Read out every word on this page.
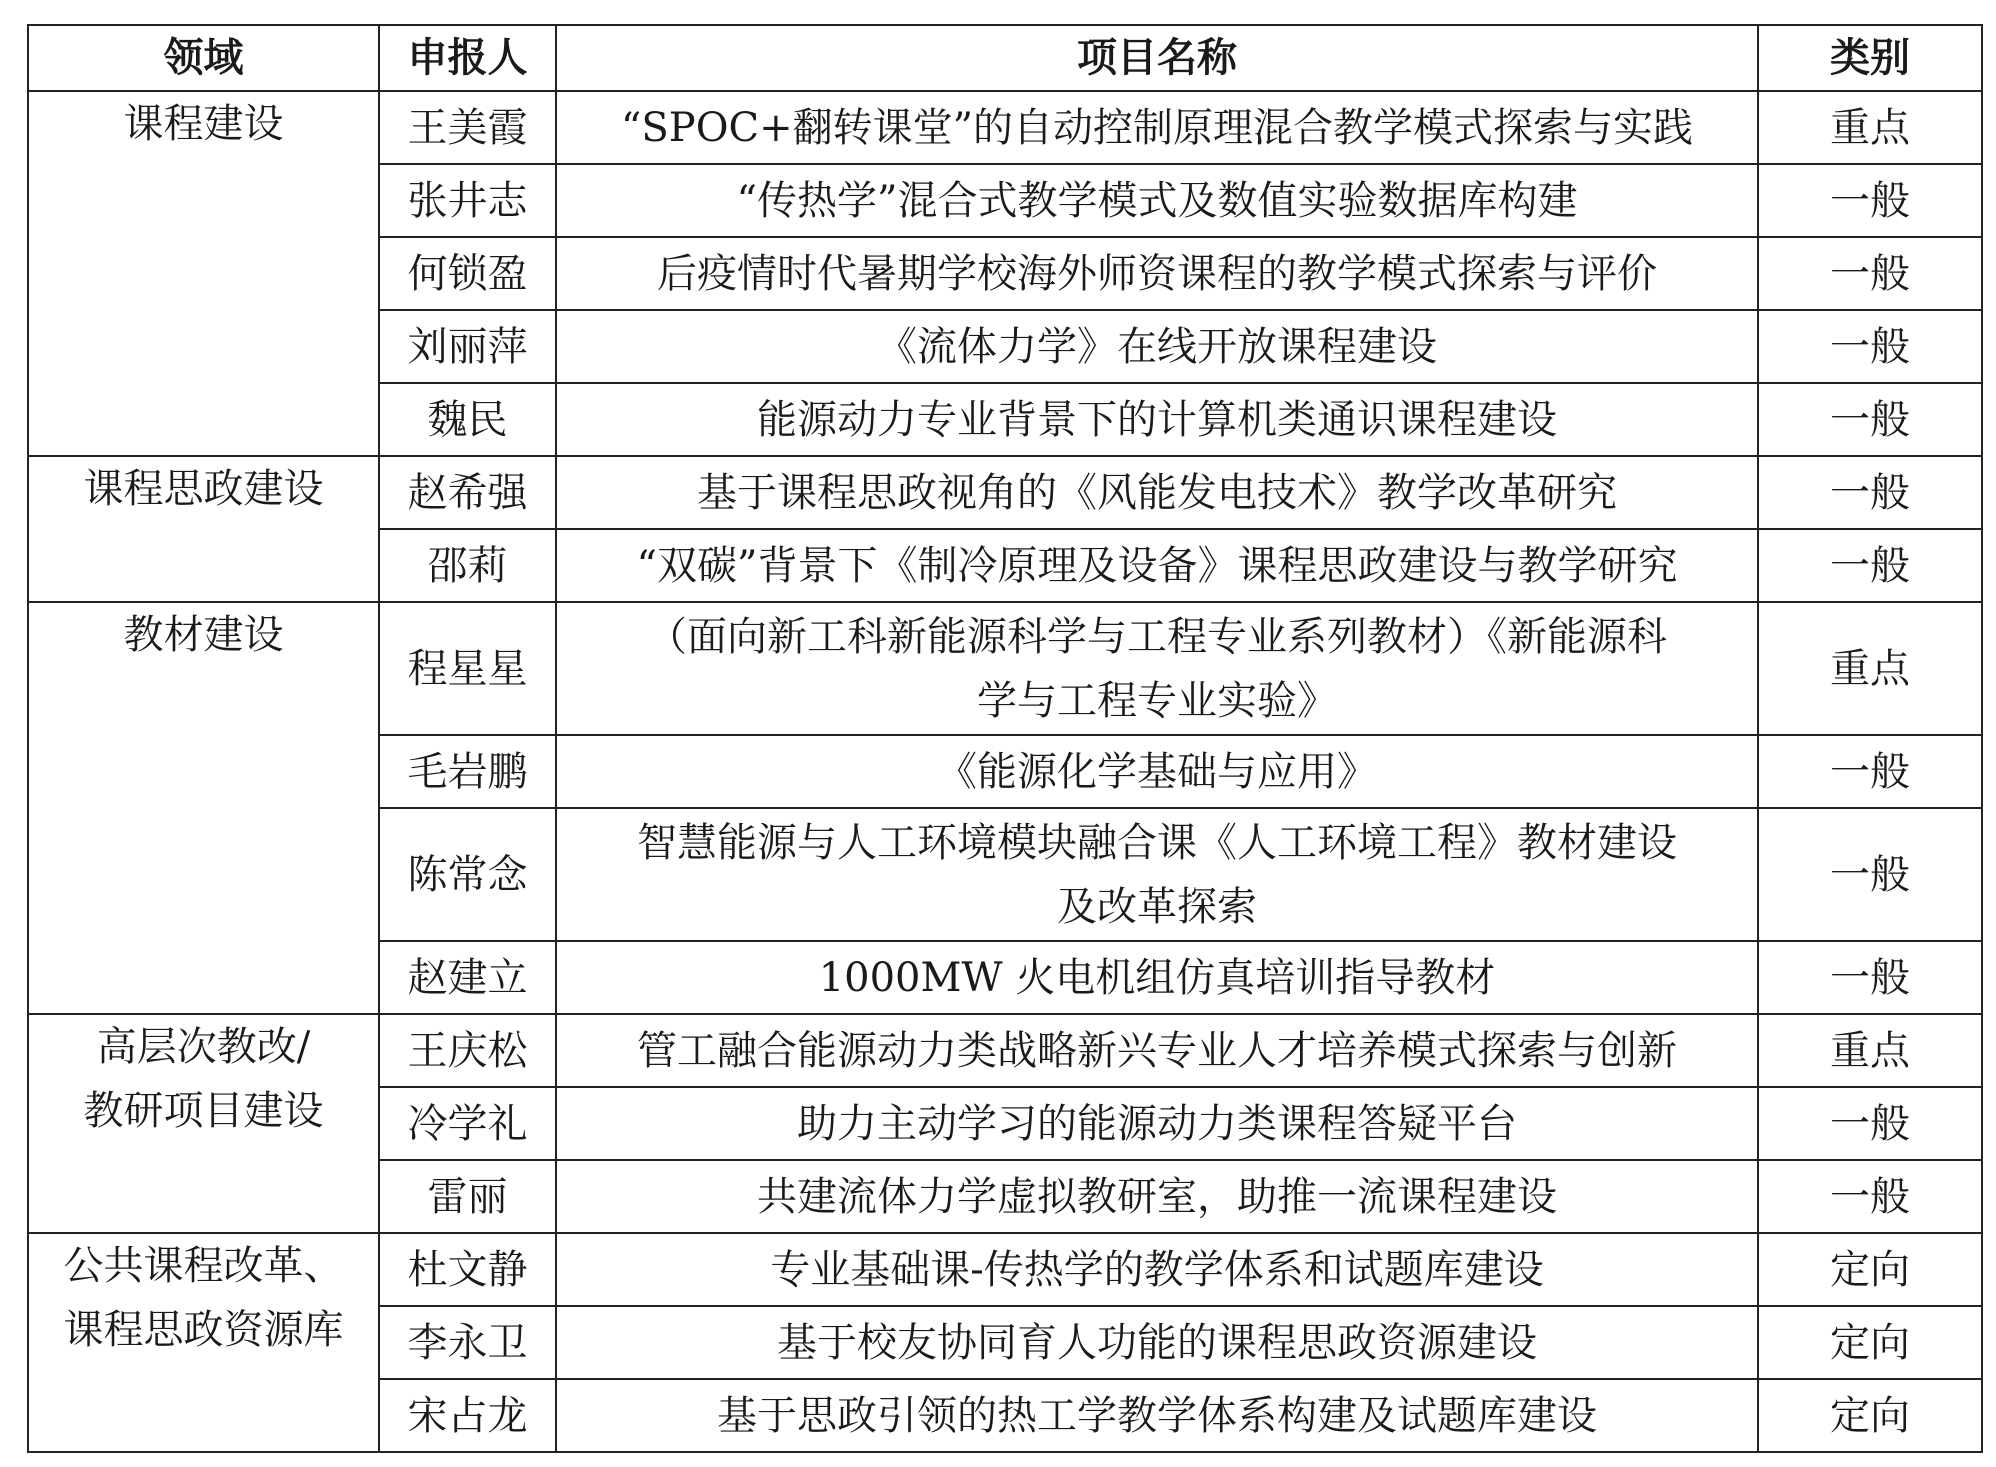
领域	申报人	项目名称	类别

课程建设	王美霞	“SPOC+翻转课堂”的自动控制原理混合教学模式探索与实践	重点
	张井志	“传热学”混合式教学模式及数值实验数据库构建	一般
	何锁盈	后疫情时代暑期学校海外师资课程的教学模式探索与评价	一般
	刘丽萍	《流体力学》在线开放课程建设	一般
	魏民	能源动力专业背景下的计算机类通识课程建设	一般

课程思政建设	赵希强	基于课程思政视角的《风能发电技术》教学改革研究	一般
	邵莉	“双碳”背景下《制冷原理及设备》课程思政建设与教学研究	一般

教材建设	程星星	（面向新工科新能源科学与工程专业系列教材）《新能源科
学与工程专业实验》	重点
	毛岩鹏	《能源化学基础与应用》	一般
	陈常念	智慧能源与人工环境模块融合课《人工环境工程》教材建设
及改革探索	一般
	赵建立	1000MW 火电机组仿真培训指导教材	一般

高层次教改/
教研项目建设	王庆松	管工融合能源动力类战略新兴专业人才培养模式探索与创新	重点
	冷学礼	助力主动学习的能源动力类课程答疑平台	一般
	雷丽	共建流体力学虚拟教研室，助推一流课程建设	一般

公共课程改革、
课程思政资源库	杜文静	专业基础课-传热学的教学体系和试题库建设	定向
	李永卫	基于校友协同育人功能的课程思政资源建设	定向
	宋占龙	基于思政引领的热工学教学体系构建及试题库建设	定向
